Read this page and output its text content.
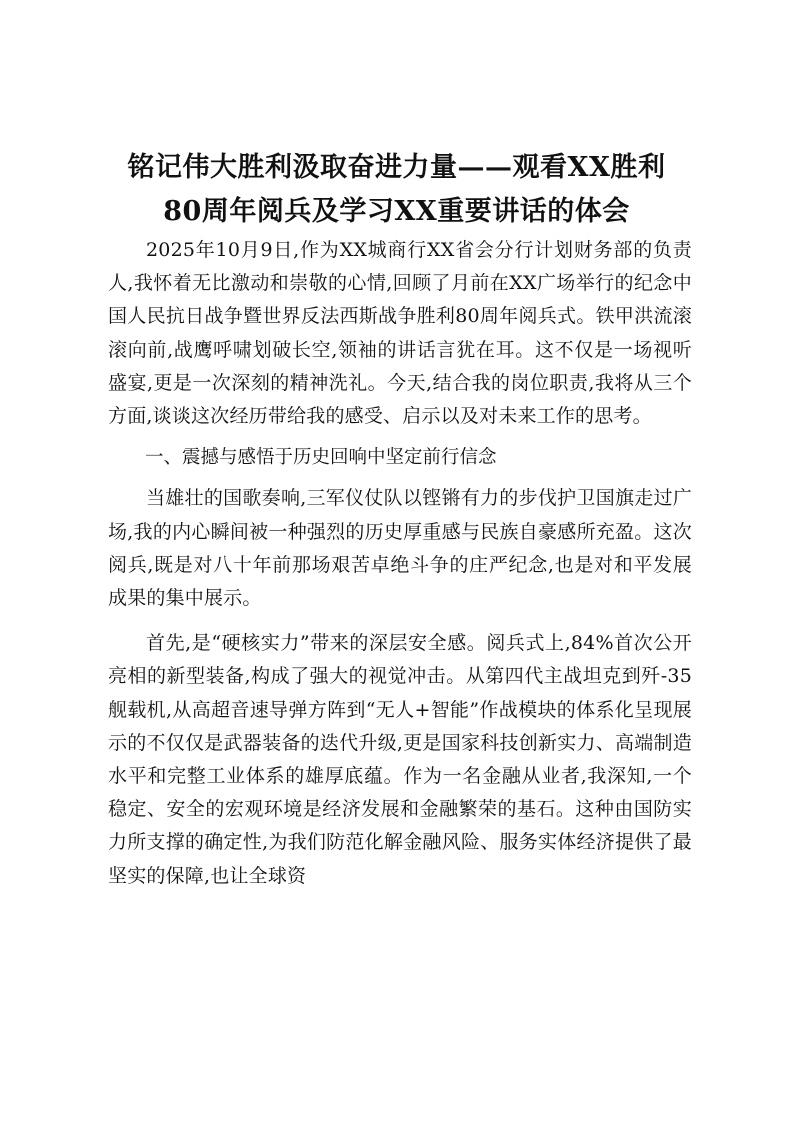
铭记伟大胜利汲取奋进力量——观看XX胜利
80周年阅兵及学习XX重要讲话的体会

2025年10月9日,作为XX城商行XX省会分行计划财务部的负责人,我怀着无比激动和崇敬的心情,回顾了月前在XX广场举行的纪念中国人民抗日战争暨世界反法西斯战争胜利80周年阅兵式。铁甲洪流滚滚向前,战鹰呼啸划破长空,领袖的讲话言犹在耳。这不仅是一场视听盛宴,更是一次深刻的精神洗礼。今天,结合我的岗位职责,我将从三个方面,谈谈这次经历带给我的感受、启示以及对未来工作的思考。

一、震撼与感悟于历史回响中坚定前行信念

当雄壮的国歌奏响,三军仪仗队以铿锵有力的步伐护卫国旗走过广场,我的内心瞬间被一种强烈的历史厚重感与民族自豪感所充盈。这次阅兵,既是对八十年前那场艰苦卓绝斗争的庄严纪念,也是对和平发展成果的集中展示。

首先,是“硬核实力”带来的深层安全感。阅兵式上,84%首次公开亮相的新型装备,构成了强大的视觉冲击。从第四代主战坦克到歼-35舰载机,从高超音速导弹方阵到“无人+智能”作战模块的体系化呈现展示的不仅仅是武器装备的迭代升级,更是国家科技创新实力、高端制造水平和完整工业体系的雄厚底蕴。作为一名金融从业者,我深知,一个稳定、安全的宏观环境是经济发展和金融繁荣的基石。这种由国防实力所支撑的确定性,为我们防范化解金融风险、服务实体经济提供了最坚实的保障,也让全球资
